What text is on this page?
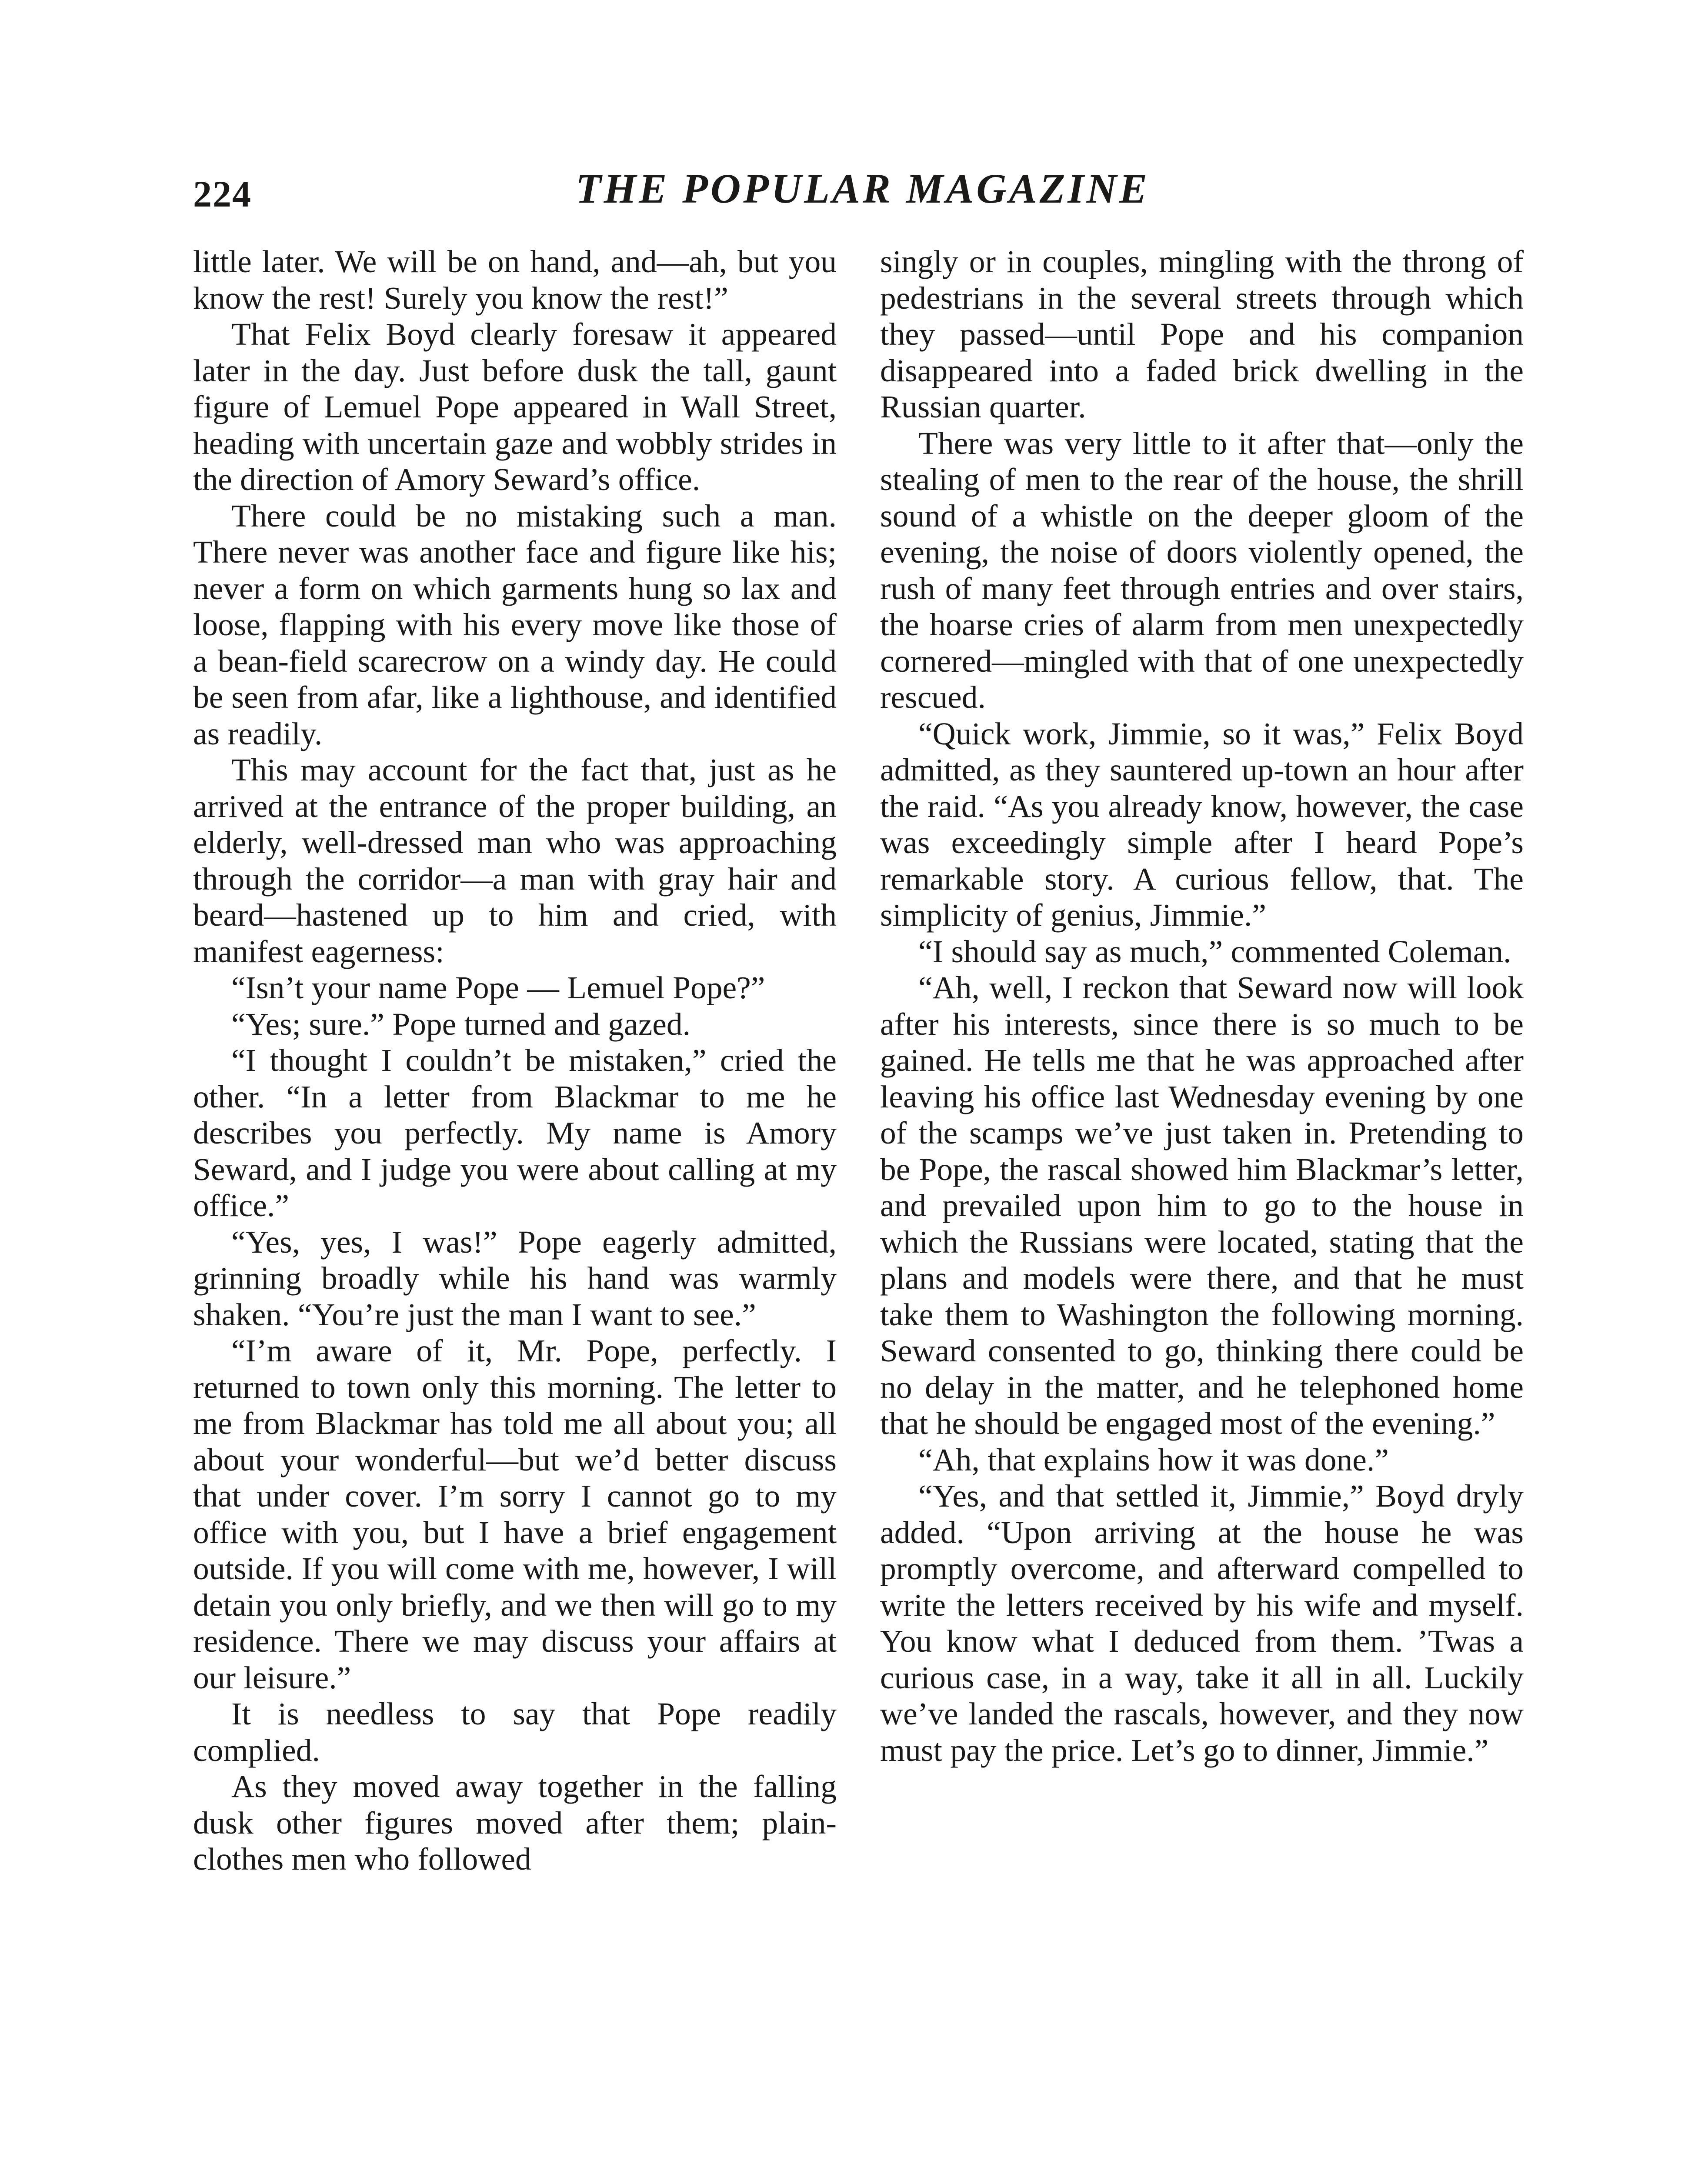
224	THE POPULAR MAGAZINE

little later. We will be on hand, and—ah, but you know the rest! Surely you know the rest!”

That Felix Boyd clearly foresaw it appeared later in the day. Just before dusk the tall, gaunt figure of Lemuel Pope appeared in Wall Street, heading with uncertain gaze and wobbly strides in the direction of Amory Seward’s office.

There could be no mistaking such a man. There never was another face and figure like his; never a form on which garments hung so lax and loose, flapping with his every move like those of a bean-field scarecrow on a windy day. He could be seen from afar, like a lighthouse, and identified as readily.

This may account for the fact that, just as he arrived at the entrance of the proper building, an elderly, well-dressed man who was approaching through the corridor—a man with gray hair and beard—hastened up to him and cried, with manifest eagerness:

“Isn’t your name Pope — Lemuel Pope?”

“Yes; sure.” Pope turned and gazed.

“I thought I couldn’t be mistaken,” cried the other. “In a letter from Blackmar to me he describes you perfectly. My name is Amory Seward, and I judge you were about calling at my office.”

“Yes, yes, I was!” Pope eagerly admitted, grinning broadly while his hand was warmly shaken. “You’re just the man I want to see.”

“I’m aware of it, Mr. Pope, perfectly. I returned to town only this morning. The letter to me from Blackmar has told me all about you; all about your wonderful—but we’d better discuss that under cover. I’m sorry I cannot go to my office with you, but I have a brief engagement outside. If you will come with me, however, I will detain you only briefly, and we then will go to my residence. There we may discuss your affairs at our leisure.”

It is needless to say that Pope readily complied.

As they moved away together in the falling dusk other figures moved after them; plain-clothes men who followed

singly or in couples, mingling with the throng of pedestrians in the several streets through which they passed—until Pope and his companion disappeared into a faded brick dwelling in the Russian quarter.

There was very little to it after that—only the stealing of men to the rear of the house, the shrill sound of a whistle on the deeper gloom of the evening, the noise of doors violently opened, the rush of many feet through entries and over stairs, the hoarse cries of alarm from men unexpectedly cornered—mingled with that of one unexpectedly rescued.

“Quick work, Jimmie, so it was,” Felix Boyd admitted, as they sauntered up-town an hour after the raid. “As you already know, however, the case was exceedingly simple after I heard Pope’s remarkable story. A curious fellow, that. The simplicity of genius, Jimmie.”

“I should say as much,” commented Coleman.

“Ah, well, I reckon that Seward now will look after his interests, since there is so much to be gained. He tells me that he was approached after leaving his office last Wednesday evening by one of the scamps we’ve just taken in. Pretending to be Pope, the rascal showed him Blackmar’s letter, and prevailed upon him to go to the house in which the Russians were located, stating that the plans and models were there, and that he must take them to Washington the following morning. Seward consented to go, thinking there could be no delay in the matter, and he telephoned home that he should be engaged most of the evening.”

“Ah, that explains how it was done.”

“Yes, and that settled it, Jimmie,” Boyd dryly added. “Upon arriving at the house he was promptly overcome, and afterward compelled to write the letters received by his wife and myself. You know what I deduced from them. ’Twas a curious case, in a way, take it all in all. Luckily we’ve landed the rascals, however, and they now must pay the price. Let’s go to dinner, Jimmie.”
